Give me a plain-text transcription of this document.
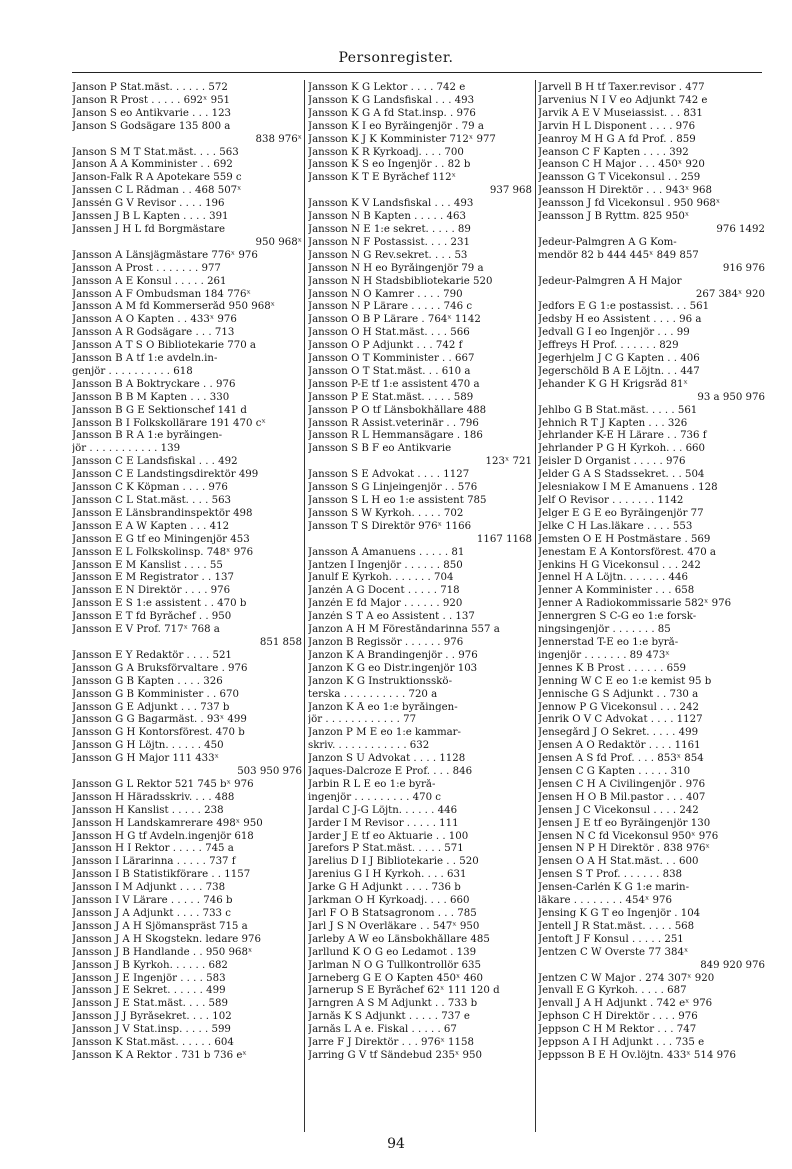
Personregister.
Janson P Stat.mäst. . . . . . 572
Janson R Prost . . . . . 692ˣ 951
Janson S eo Antikvarie . . . 123
Janson S Godsägare 135 800 a
838 976ˣ
Janson S M T Stat.mäst. . . . 563
Janson Å A Komminister . . 692
Janson-Falk R A Apotekare 559 c
Janssen C L Rådman . . 468 507ˣ
Janssén G V Revisor . . . . 196
Janssen J B L Kapten . . . . 391
Janssen J H L fd Borgmästare
950 968ˣ
Jansson A Länsjägmästare 776ˣ 976
Jansson A Prost . . . . . . . 977
Jansson A E Konsul . . . . . 261
Jansson A F Ombudsman 184 776ˣ
Jansson A M fd Kommerseråd 950 968ˣ
Jansson A O Kapten . . 433ˣ 976
Jansson A R Godsägare . . . 713
Jansson A T S O Bibliotekarie 770 a
Jansson B A tf 1:e avdeln.in-
genjör . . . . . . . . . . 618
Jansson B A Boktryckare . . 976
Jansson B B M Kapten . . . 330
Jansson B G E Sektionschef 141 d
Jansson B I Folkskollärare 191 470 cˣ
Jansson B R A 1:e byråingen-
jör . . . . . . . . . . . 139
Jansson C E Landsfiskal . . . 492
Jansson C E Landstingsdirektör 499
Jansson C K Köpman . . . . 976
Jansson C L Stat.mäst. . . . 563
Jansson E Länsbrandinspektör 498
Jansson E A W Kapten . . . 412
Jansson E G tf eo Miningenjör 453
Jansson E L Folkskolinsp. 748ˣ 976
Jansson E M Kanslist . . . . 55
Jansson E M Registrator . . 137
Jansson E N Direktör . . . . 976
Jansson E S 1:e assistent . . 470 b
Jansson E T fd Byråchef . . 950
Jansson E V Prof. 717ˣ 768 a
851 858
Jansson E Y Redaktör . . . . 521
Jansson G A Bruksförvaltare . 976
Jansson G B Kapten . . . . 326
Jansson G B Komminister . . 670
Jansson G E Adjunkt . . . 737 b
Jansson G G Bagarmäst. . 93ˣ 499
Jansson G H Kontorsförest. 470 b
Jansson G H Löjtn. . . . . . 450
Jansson G H Major 111 433ˣ
503 950 976
Jansson G L Rektor 521 745 bˣ 976
Jansson H Häradsskriv. . . . 488
Jansson H Kanslist . . . . . 238
Jansson H Landskamrerare 498ˣ 950
Jansson H G tf Avdeln.ingenjör 618
Jansson H I Rektor . . . . . 745 a
Jansson I Lärarinna . . . . . 737 f
Jansson I B Statistikförare . . 1157
Jansson I M Adjunkt . . . . 738
Jansson I V Lärare . . . . . 746 b
Jansson J A Adjunkt . . . . 733 c
Jansson J A H Sjömanspräst 715 a
Jansson J A H Skogstekn. ledare 976
Jansson J B Handlande . . 950 968ˣ
Jansson J B Kyrkoh. . . . . . 682
Jansson J E Ingenjör . . . . 583
Jansson J E Sekret. . . . . . 499
Jansson J E Stat.mäst. . . . 589
Jansson J J Byråsekret. . . . 102
Jansson J V Stat.insp. . . . . 599
Jansson K Stat.mäst. . . . . . 604
Jansson K A Rektor . 731 b 736 eˣ
Jansson K G Lektor . . . . 742 e
Jansson K G Landsfiskal . . . 493
Jansson K G A fd Stat.insp. . 976
Jansson K I eo Byråingenjör . 79 a
Jansson K J K Komminister 712ˣ 977
Jansson K R Kyrkoadj. . . . 700
Jansson K S eo Ingenjör . . 82 b
Jansson K T E Byråchef 112ˣ
937 968
Jansson K V Landsfiskal . . . 493
Jansson N B Kapten . . . . . 463
Jansson N E 1:e sekret. . . . . 89
Jansson N F Postassist. . . . 231
Jansson N G Rev.sekret. . . . 53
Jansson N H eo Byråingenjör 79 a
Jansson N H Stadsbibliotekarie 520
Jansson N O Kamrer . . . . 790
Jansson N P Lärare . . . . . 746 c
Jansson O B P Lärare . 764ˣ 1142
Jansson O H Stat.mäst. . . . 566
Jansson O P Adjunkt . . . 742 f
Jansson O T Komminister . . 667
Jansson O T Stat.mäst. . . 610 a
Jansson P-E tf 1:e assistent 470 a
Jansson P E Stat.mäst. . . . . 589
Jansson P O tf Länsbokhållare 488
Jansson R Assist.veterinär . . 796
Jansson R L Hemmansägare . 186
Jansson S B F eo Antikvarie
123ˣ 721
Jansson S E Advokat . . . . 1127
Jansson S G Linjeingenjör . . 576
Jansson S L H eo 1:e assistent 785
Jansson S W Kyrkoh. . . . . 702
Jansson T S Direktör 976ˣ 1166
1167 1168
Jansson Å Amanuens . . . . . 81
Jantzen I Ingenjör . . . . . . 850
Janulf E Kyrkoh. . . . . . . 704
Janzén A G Docent . . . . . 718
Janzén E fd Major . . . . . . 920
Janzén S T A eo Assistent . . 137
Janzon A H M Föreståndarinna 557 a
Janzon B Regissör . . . . . . 976
Janzon K A Brandingenjör . . 976
Janzon K G eo Distr.ingenjör 103
Janzon K G Instruktionsskö-
terska . . . . . . . . . . 720 a
Janzon K Å eo 1:e byråingen-
jör . . . . . . . . . . . . 77
Janzon P M E eo 1:e kammar-
skriv. . . . . . . . . . . . 632
Janzon S U Advokat . . . . 1128
Jaques-Dalcroze E Prof. . . . 846
Jarbin R L E eo 1:e byrå-
ingenjör . . . . . . . . . 470 c
Jardal C J-G Löjtn. . . . . . 446
Jarder I M Revisor . . . . . 111
Jarder J E tf eo Aktuarie . . 100
Jarefors P Stat.mäst. . . . . 571
Jarelius D I J Bibliotekarie . . 520
Jarenius G I H Kyrkoh. . . . 631
Jarke G H Adjunkt . . . . 736 b
Jarkman O H Kyrkoadj. . . . 660
Jarl F O B Statsagronom . . . 785
Jarl J S N Överläkare . . 547ˣ 950
Jarleby A W eo Länsbokhållare 485
Jarllund K O G eo Ledamot . 139
Jarlman N O G Tullkontrollör 635
Jarneberg G E O Kapten 450ˣ 460
Jarnerup S E Byråchef 62ˣ 111 120 d
Jarngren A S M Adjunkt . . 733 b
Jarnås K S Adjunkt . . . . . 737 e
Jarnås L A e. Fiskal . . . . . 67
Jarre F J Direktör . . . 976ˣ 1158
Jarring G V tf Sändebud 235ˣ 950
Jarvell B H tf Taxer.revisor . 477
Jarvenius N I V eo Adjunkt 742 e
Jarvik A E V Museiassist. . . 831
Jarvin H L Disponent . . . . 976
Jeanroy M H G A fd Prof. . 859
Jeanson C F Kapten . . . . 392
Jeanson C H Major . . . 450ˣ 920
Jeansson G T Vicekonsul . . 259
Jeansson H Direktör . . . 943ˣ 968
Jeansson J fd Vicekonsul . 950 968ˣ
Jeansson J B Ryttm. 825 950ˣ
976 1492
Jedeur-Palmgren A G Kom-
mendör 82 b 444 445ˣ 849 857
916 976
Jedeur-Palmgren Å H Major
267 384ˣ 920
Jedfors E G 1:e postassist. . . 561
Jedsby H eo Assistent . . . . 96 a
Jedvall G I eo Ingenjör . . . 99
Jeffreys H Prof. . . . . . . 829
Jegerhjelm J C G Kapten . . 406
Jegerschöld B A E Löjtn. . . 447
Jehander K G H Krigsråd 81ˣ
93 a 950 976
Jehlbo G B Stat.mäst. . . . . 561
Jehnich R T J Kapten . . . 326
Jehrlander K-E H Lärare . . 736 f
Jehrlander P G H Kyrkoh. . . 660
Jeisler D Organist . . . . . 976
Jelder G A S Stadssekret. . . 504
Jelesniakow I M E Amanuens . 128
Jelf O Revisor . . . . . . . 1142
Jelger E G E eo Byråingenjör 77
Jelke C H Las.läkare . . . . 553
Jemsten O E H Postmästare . 569
Jenestam E A Kontorsförest. 470 a
Jenkins H G Vicekonsul . . . 242
Jennel H A Löjtn. . . . . . . 446
Jenner A Komminister . . . 658
Jenner A Radiokommissarie 582ˣ 976
Jennergren S C-G eo 1:e forsk-
ningsingenjör . . . . . . . 85
Jennerstad T-E eo 1:e byrå-
ingenjör . . . . . . . 89 473ˣ
Jennes K B Prost . . . . . . 659
Jenning W C E eo 1:e kemist 95 b
Jennische G S Adjunkt . . 730 a
Jennow P G Vicekonsul . . . 242
Jenrik O V C Advokat . . . . 1127
Jensegård J O Sekret. . . . . 499
Jensen A O Redaktör . . . . 1161
Jensen A S fd Prof. . . . 853ˣ 854
Jensen C G Kapten . . . . . 310
Jensen C H A Civilingenjör . 976
Jensen H O B Mil.pastor . . . 407
Jensen J C Vicekonsul . . . . 242
Jensen J E tf eo Byråingenjör 130
Jensen N C fd Vicekonsul 950ˣ 976
Jensen N P H Direktör . 838 976ˣ
Jensen O A H Stat.mäst. . . 600
Jensen S T Prof. . . . . . . 838
Jensen-Carlén K G 1:e marin-
läkare . . . . . . . . 454ˣ 976
Jensing K G T eo Ingenjör . 104
Jentell J R Stat.mäst. . . . . 568
Jentoft J F Konsul . . . . . 251
Jentzen C W Överste 77 384ˣ
849 920 976
Jentzen C W Major . 274 307ˣ 920
Jenvall E G Kyrkoh. . . . . 687
Jenvall J A H Adjunkt . 742 eˣ 976
Jephson C H Direktör . . . . 976
Jeppson C H M Rektor . . . 747
Jeppson A I H Adjunkt . . . 735 e
Jeppsson B E H Öv.löjtn. 433ˣ 514 976
94
